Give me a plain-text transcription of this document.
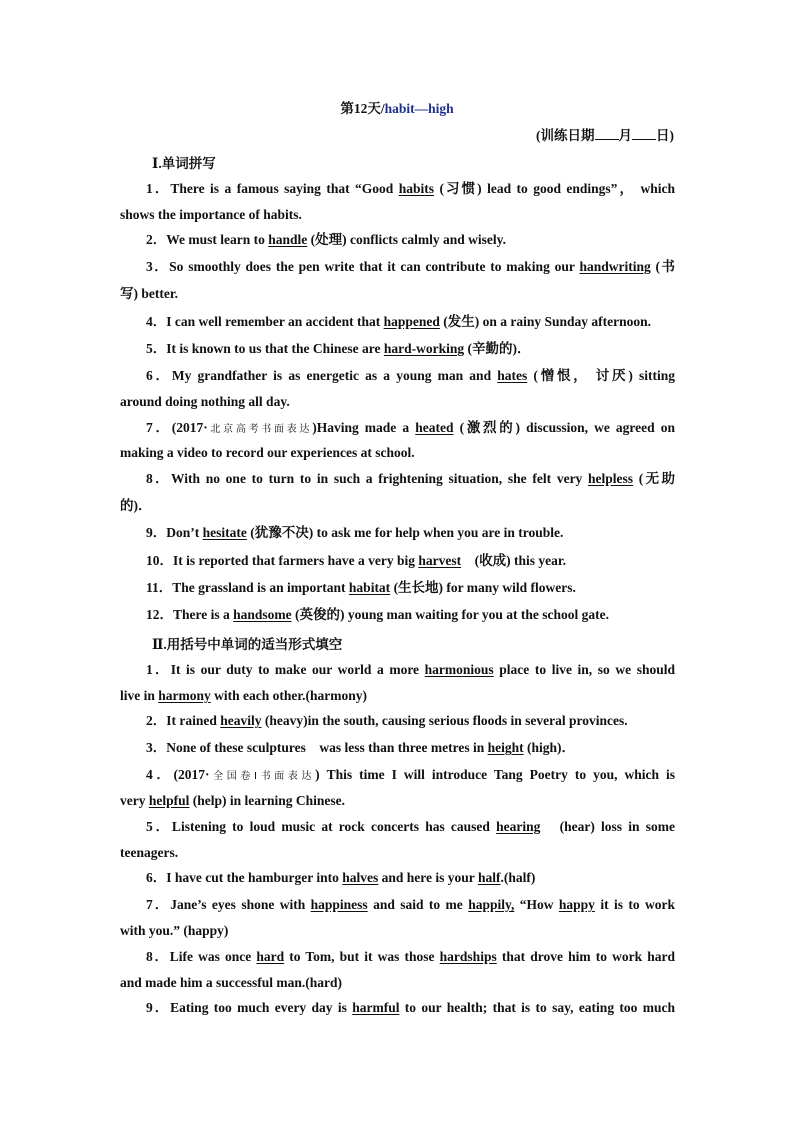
第12天/habit—high
(训练日期 月 日)
Ⅰ.单词拼写
1．There is a famous saying that “Good habits (习惯) lead to good endings”， which
shows the importance of habits.
2．We must learn to handle (处理) conflicts calmly and wisely.
3．So smoothly does the pen write that it can contribute to making our handwriting (书
写) better.
4．I can well remember an accident that happened (发生) on a rainy Sunday afternoon.
5．It is known to us that the Chinese are hard-working (辛勤的)．
6．My grandfather is as energetic as a young man and hates (憎恨， 讨厌) sitting
around doing nothing all day.
7．(2017·北京高考书面表达)Having made a heated (激烈的) discussion, we agreed on
making a video to record our experiences at school.
8．With no one to turn to in such a frightening situation, she felt very helpless (无助
的)．
9．Don’t hesitate (犹豫不决) to ask me for help when you are in trouble.
10．It is reported that farmers have a very big harvest　(收成) this year.
11．The grassland is an important habitat (生长地) for many wild flowers.
12．There is a handsome (英俊的) young man waiting for you at the school gate.
Ⅱ.用括号中单词的适当形式填空
1．It is our duty to make our world a more harmonious place to live in, so we should
live in harmony with each other.(harmony)
2．It rained heavily (heavy)in the south, causing serious floods in several provinces.
3．None of these sculptures　was less than three metres in height (high)．
4．(2017·全国卷Ⅰ书面表达) This time I will introduce Tang Poetry to you, which is
very helpful (help) in learning Chinese.
5．Listening to loud music at rock concerts has caused hearing　(hear) loss in some
teenagers.
6．I have cut the hamburger into halves and here is your half.(half)
7．Jane’s eyes shone with happiness and said to me happily, “How happy it is to work
with you.” (happy)
8．Life was once hard to Tom, but it was those hardships that drove him to work hard
and made him a successful man.(hard)
9．Eating too much every day is harmful to our health; that is to say, eating too much
